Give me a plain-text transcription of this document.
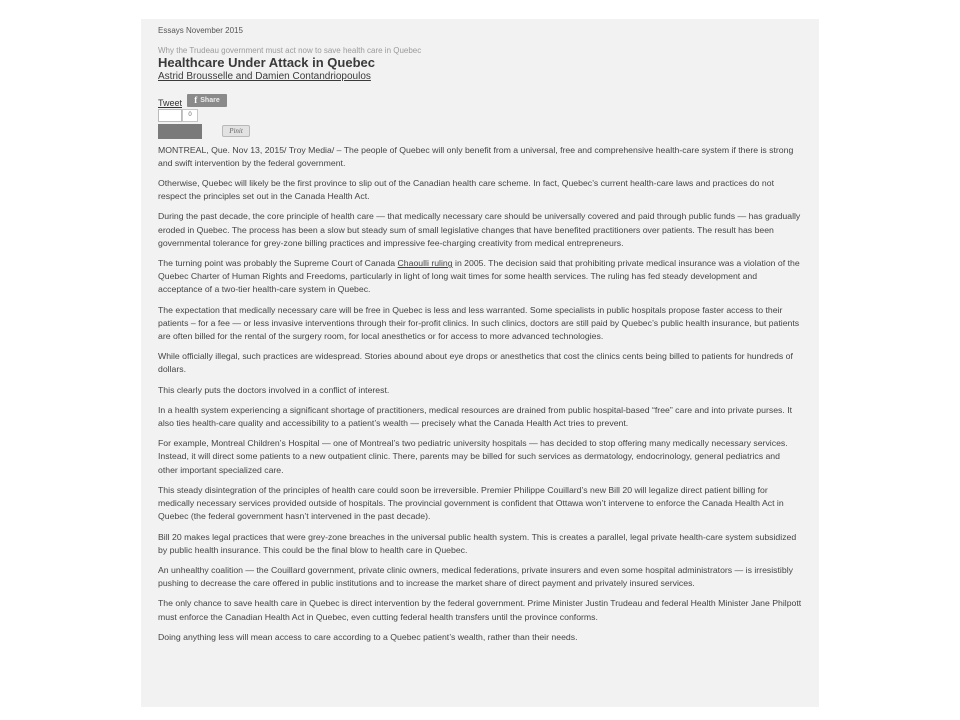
Essays November 2015
Why the Trudeau government must act now to save health care in Quebec
Healthcare Under Attack in Quebec
Astrid Brousselle and Damien Contandriopoulos
Tweet f Share
0
Pinit

MONTREAL, Que. Nov 13, 2015/ Troy Media/ – The people of Quebec will only benefit from a universal, free and comprehensive health-care system if there is strong and swift intervention by the federal government.

Otherwise, Quebec will likely be the first province to slip out of the Canadian health care scheme. In fact, Quebec’s current health-care laws and practices do not respect the principles set out in the Canada Health Act.

During the past decade, the core principle of health care — that medically necessary care should be universally covered and paid through public funds — has gradually eroded in Quebec. The process has been a slow but steady sum of small legislative changes that have benefited practitioners over patients. The result has been governmental tolerance for grey-zone billing practices and impressive fee-charging creativity from medical entrepreneurs.

The turning point was probably the Supreme Court of Canada Chaoulli ruling in 2005. The decision said that prohibiting private medical insurance was a violation of the Quebec Charter of Human Rights and Freedoms, particularly in light of long wait times for some health services. The ruling has fed steady development and acceptance of a two-tier health-care system in Quebec.

The expectation that medically necessary care will be free in Quebec is less and less warranted. Some specialists in public hospitals propose faster access to their patients – for a fee — or less invasive interventions through their for-profit clinics. In such clinics, doctors are still paid by Quebec’s public health insurance, but patients are often billed for the rental of the surgery room, for local anesthetics or for access to more advanced technologies.

While officially illegal, such practices are widespread. Stories abound about eye drops or anesthetics that cost the clinics cents being billed to patients for hundreds of dollars.

This clearly puts the doctors involved in a conflict of interest.

In a health system experiencing a significant shortage of practitioners, medical resources are drained from public hospital-based “free” care and into private purses. It also ties health-care quality and accessibility to a patient’s wealth — precisely what the Canada Health Act tries to prevent.

For example, Montreal Children’s Hospital — one of Montreal’s two pediatric university hospitals — has decided to stop offering many medically necessary services. Instead, it will direct some patients to a new outpatient clinic. There, parents may be billed for such services as dermatology, endocrinology, general pediatrics and other important specialized care.

This steady disintegration of the principles of health care could soon be irreversible. Premier Philippe Couillard’s new Bill 20 will legalize direct patient billing for medically necessary services provided outside of hospitals. The provincial government is confident that Ottawa won’t intervene to enforce the Canada Health Act in Quebec (the federal government hasn’t intervened in the past decade).

Bill 20 makes legal practices that were grey-zone breaches in the universal public health system. This is creates a parallel, legal private health-care system subsidized by public health insurance. This could be the final blow to health care in Quebec.

An unhealthy coalition — the Couillard government, private clinic owners, medical federations, private insurers and even some hospital administrators — is irresistibly pushing to decrease the care offered in public institutions and to increase the market share of direct payment and privately insured services.

The only chance to save health care in Quebec is direct intervention by the federal government. Prime Minister Justin Trudeau and federal Health Minister Jane Philpott must enforce the Canadian Health Act in Quebec, even cutting federal health transfers until the province conforms.

Doing anything less will mean access to care according to a Quebec patient’s wealth, rather than their needs.
